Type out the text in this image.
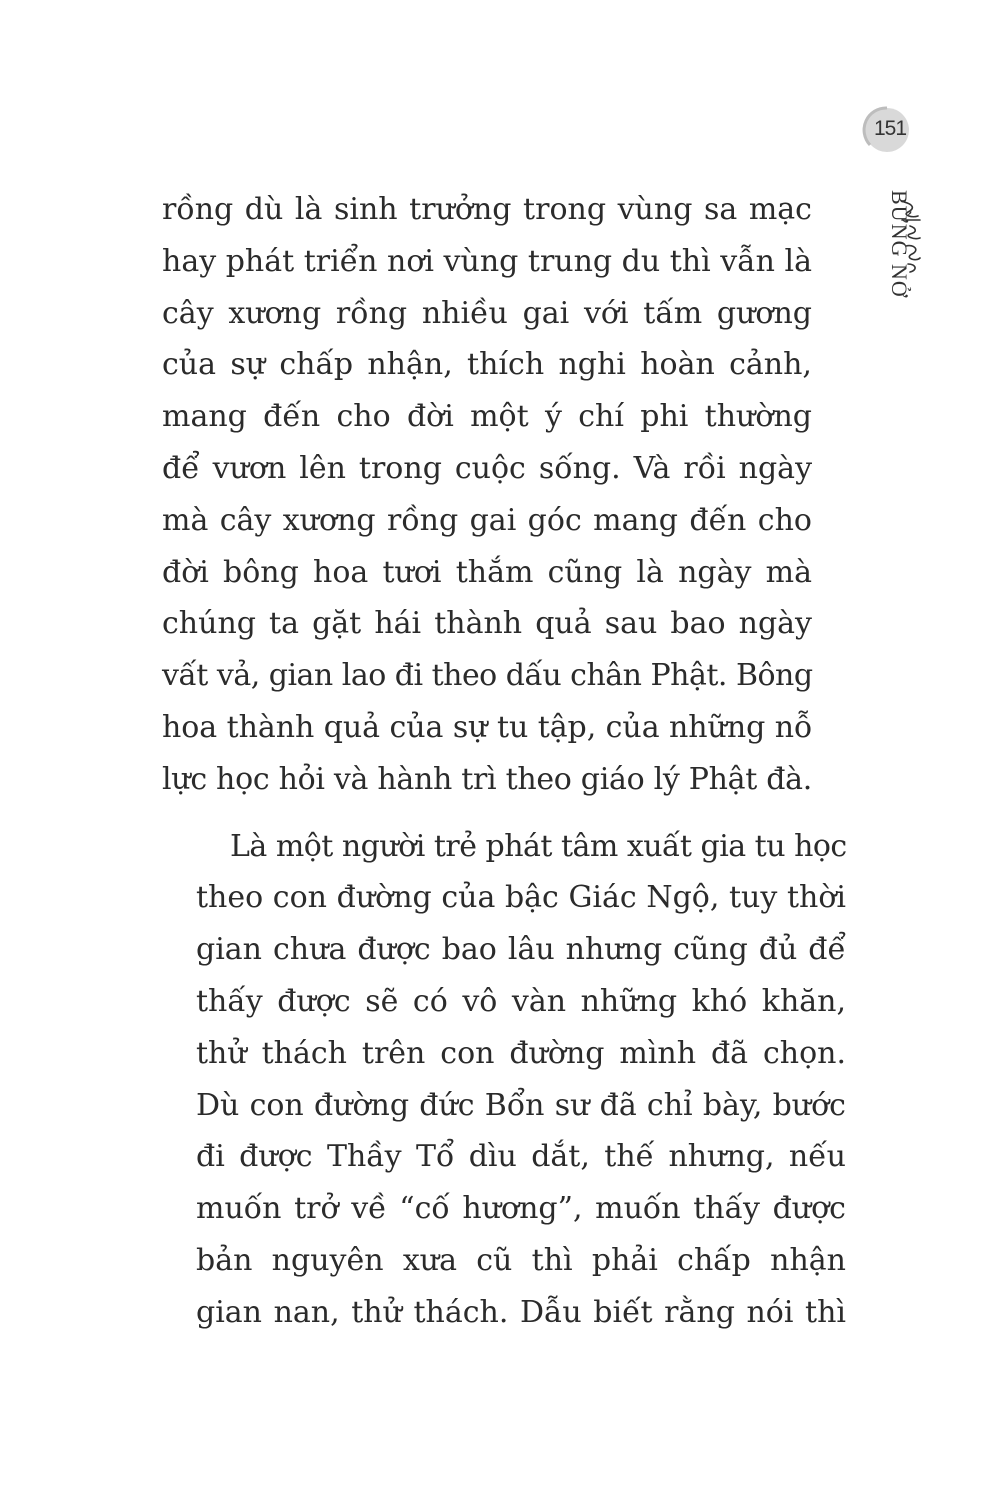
151
BỪNG NỞ

rồng dù là sinh trưởng trong vùng sa mạc
hay phát triển nơi vùng trung du thì vẫn là
cây xương rồng nhiều gai với tấm gương
của sự chấp nhận, thích nghi hoàn cảnh,
mang đến cho đời một ý chí phi thường
để vươn lên trong cuộc sống. Và rồi ngày
mà cây xương rồng gai góc mang đến cho
đời bông hoa tươi thắm cũng là ngày mà
chúng ta gặt hái thành quả sau bao ngày
vất vả, gian lao đi theo dấu chân Phật. Bông
hoa thành quả của sự tu tập, của những nỗ
lực học hỏi và hành trì theo giáo lý Phật đà.

Là một người trẻ phát tâm xuất gia tu học
theo con đường của bậc Giác Ngộ, tuy thời
gian chưa được bao lâu nhưng cũng đủ để
thấy được sẽ có vô vàn những khó khăn,
thử thách trên con đường mình đã chọn.
Dù con đường đức Bổn sư đã chỉ bày, bước
đi được Thầy Tổ dìu dắt, thế nhưng, nếu
muốn trở về “cố hương”, muốn thấy được
bản nguyên xưa cũ thì phải chấp nhận
gian nan, thử thách. Dẫu biết rằng nói thì
